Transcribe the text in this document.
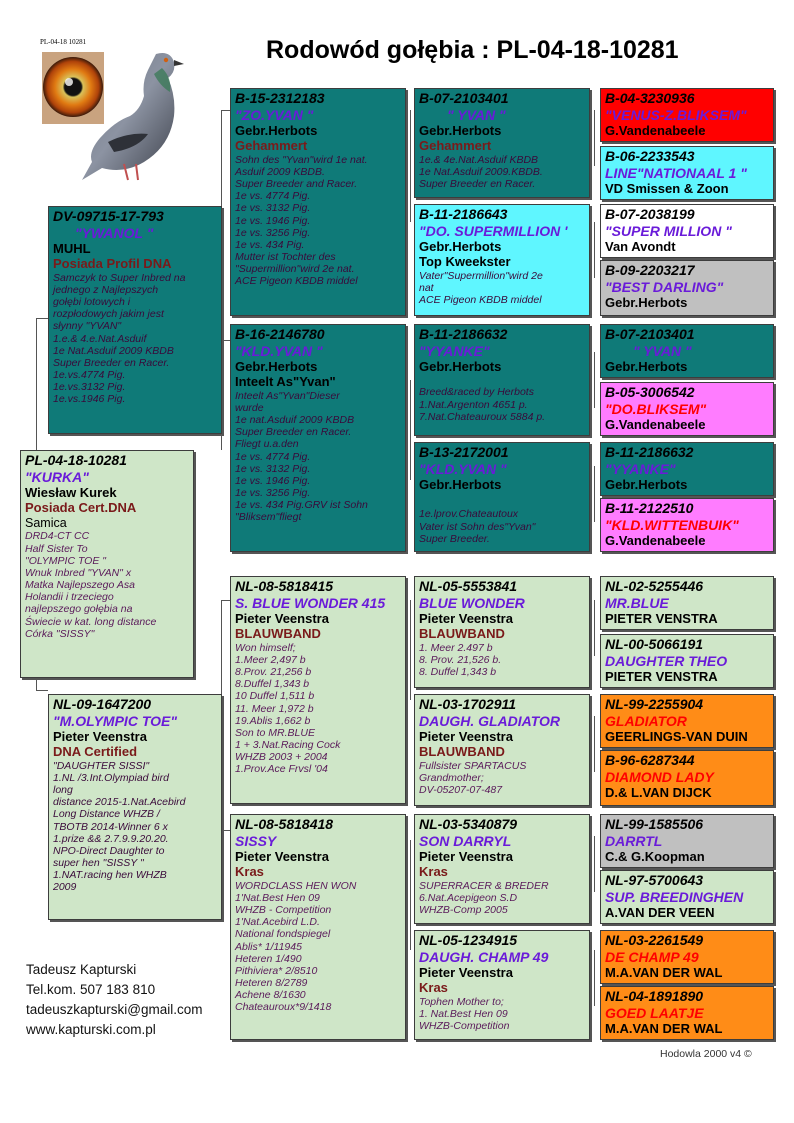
Rodowód gołębia : PL-04-18-10281
PL-04-18 10281
PL-04-18-10281
"KURKA"
Wiesław Kurek
Posiada Cert.DNA
Samica
DRD4-CT CC
Half Sister To
"OLYMPIC TOE "
Wnuk Inbred "YVAN" x
Matka Najlepszego Asa
Holandii i trzeciego
najlepszego gołębia na
Świecie w kat. long distance
Córka "SISSY"
DV-09715-17-793
"YWANOL "
MUHL
Posiada Profil DNA
Samczyk to Super Inbred na
jednego z Najlepszych
gołębi lotowych i
rozpłodowych jakim jest
słynny "YVAN"
1.e.& 4.e.Nat.Asduif
1e Nat.Asduif 2009 KBDB
Super Breeder en Racer.
1e.vs.4774 Pig.
1e.vs.3132 Pig.
1e.vs.1946 Pig.
NL-09-1647200
"M.OLYMPIC TOE"
Pieter Veenstra
DNA Certified
"DAUGHTER SISSI"
1.NL /3.Int.Olympiad bird
long
distance 2015-1.Nat.Acebird
Long Distance WHZB /
TBOTB 2014-Winner 6 x
1.prize && 2.7.9.9.20.20.
NPO-Direct Daughter to
super hen "SISSY "
1.NAT.racing hen WHZB
2009
B-15-2312183
"ZO.YVAN "
Gebr.Herbots
Gehammert
Sohn des "Yvan"wird 1e nat.
Asduif 2009 KBDB.
Super Breeder and Racer.
1e vs. 4774 Pig.
1e vs. 3132 Pig.
1e vs. 1946 Pig.
1e vs. 3256 Pig.
1e vs. 434 Pig.
Mutter ist Tochter des
"Supermillion"wird 2e nat.
ACE Pigeon KBDB middel
B-16-2146780
"KLD.YVAN "
Gebr.Herbots
Inteelt As"Yvan"
Inteelt As"Yvan"Dieser
wurde
1e nat.Asduif 2009 KBDB
Super Breeder en Racer.
Fliegt u.a.den
1e vs. 4774 Pig.
1e vs. 3132 Pig.
1e vs. 1946 Pig.
1e vs. 3256 Pig.
1e vs. 434 Pig.GRV ist Sohn
"Bliksem"fliegt
NL-08-5818415
S. BLUE WONDER 415
Pieter Veenstra
BLAUWBAND
Won himself;
1.Meer 2,497 b
8.Prov. 21,256 b
8.Duffel 1,343 b
10 Duffel 1,511 b
11. Meer 1,972 b
19.Ablis 1,662 b
Son to MR.BLUE
1 + 3.Nat.Racing Cock
WHZB 2003 + 2004
1.Prov.Ace Frvsl '04
NL-08-5818418
SISSY
Pieter Veenstra
Kras
WORDCLASS HEN WON
1'Nat.Best Hen 09
WHZB - Competition
1'Nat.Acebird L.D.
National fondspiegel
Ablis* 1/11945
Heteren 1/490
Pithiviera* 2/8510
Heteren 8/2789
Achene 8/1630
Chateauroux*9/1418
B-07-2103401
" YVAN "
Gebr.Herbots
Gehammert
1e.& 4e.Nat.Asduif KBDB
1e Nat.Asduif 2009.KBDB.
Super Breeder en Racer.
B-11-2186643
"DO. SUPERMILLION '
Gebr.Herbots
Top Kweekster
Vater"Supermillion"wird 2e
nat
ACE Pigeon KBDB middel
B-11-2186632
"YYANKE"
Gebr.Herbots
Breed&raced by Herbots
1.Nat.Argenton 4651 p.
7.Nat.Chateauroux 5884 p.
B-13-2172001
"KLD.YVAN "
Gebr.Herbots
1e.lprov.Chateautoux
Vater ist Sohn des"Yvan"
Super Breeder.
NL-05-5553841
BLUE WONDER
Pieter Veenstra
BLAUWBAND
1. Meer 2.497 b
8. Prov. 21,526 b.
8. Duffel 1,343 b
NL-03-1702911
DAUGH. GLADIATOR
Pieter Veenstra
BLAUWBAND
Fullsister SPARTACUS
Grandmother;
DV-05207-07-487
NL-03-5340879
SON DARRYL
Pieter Veenstra
Kras
SUPERRACER & BREDER
6.Nat.Acepigeon S.D
WHZB-Comp 2005
NL-05-1234915
DAUGH. CHAMP 49
Pieter Veenstra
Kras
Tophen Mother to;
1. Nat.Best Hen 09
WHZB-Competition
B-04-3230936
"VENUS-Z.BLIKSEM"
G.Vandenabeele
B-06-2233543
LINE"NATIONAAL 1 "
VD Smissen & Zoon
B-07-2038199
"SUPER MILLION "
Van Avondt
B-09-2203217
"BEST DARLING"
Gebr.Herbots
B-07-2103401
" YVAN "
Gebr.Herbots
B-05-3006542
"DO.BLIKSEM"
G.Vandenabeele
B-11-2186632
"YYANKE"
Gebr.Herbots
B-11-2122510
"KLD.WITTENBUIK"
G.Vandenabeele
NL-02-5255446
MR.BLUE
PIETER VENSTRA
NL-00-5066191
DAUGHTER THEO
PIETER VENSTRA
NL-99-2255904
GLADIATOR
GEERLINGS-VAN DUIN
B-96-6287344
DIAMOND LADY
D.& L.VAN DIJCK
NL-99-1585506
DARRTL
C.& G.Koopman
NL-97-5700643
SUP. BREEDINGHEN
A.VAN DER VEEN
NL-03-2261549
DE CHAMP 49
M.A.VAN DER WAL
NL-04-1891890
GOED LAATJE
M.A.VAN DER WAL
Tadeusz Kapturski
Tel.kom. 507 183 810
tadeuszkapturski@gmail.com
www.kapturski.com.pl
Hodowla 2000 v4 ©
